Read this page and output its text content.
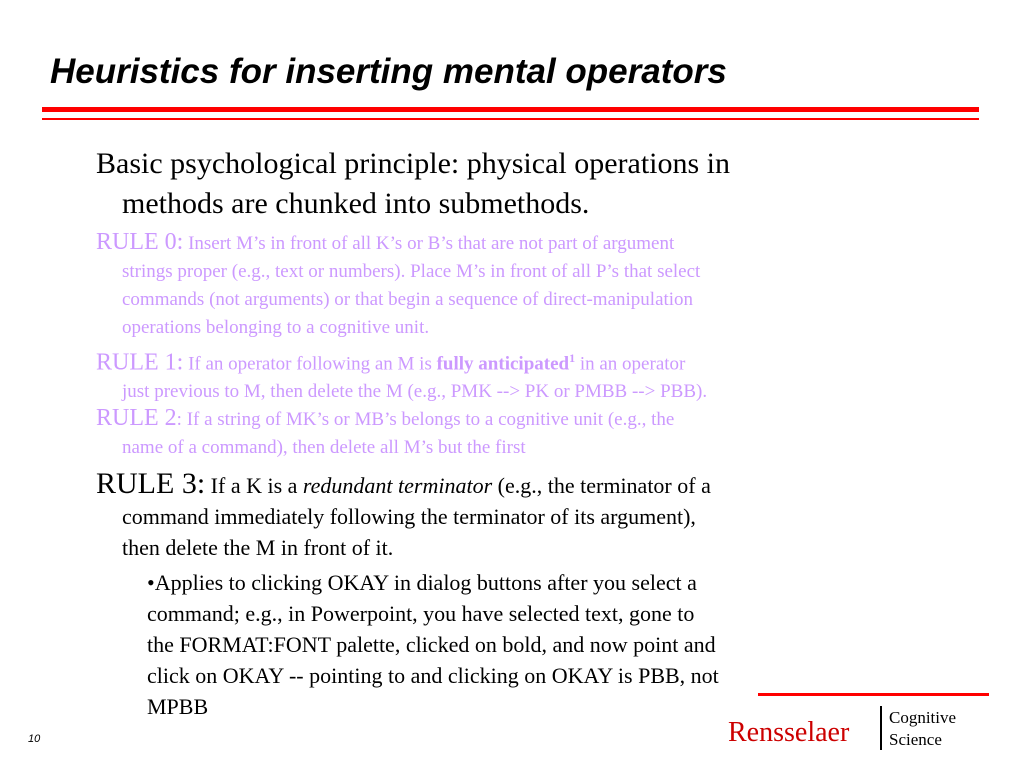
Heuristics for inserting mental operators

Basic psychological principle: physical operations in
methods are chunked into submethods.

RULE 0: Insert M’s in front of all K’s or B’s that are not part of argument
strings proper (e.g., text or numbers). Place M’s in front of all P’s that select
commands (not arguments) or that begin a sequence of direct-manipulation
operations belonging to a cognitive unit.

RULE 1: If an operator following an M is fully anticipated$^1$ in an operator
just previous to M, then delete the M (e.g., PMK --> PK or PMBB --> PBB).

RULE 2: If a string of MK’s or MB’s belongs to a cognitive unit (e.g., the
name of a command), then delete all M’s but the first

RULE 3: If a K is a redundant terminator (e.g., the terminator of a
command immediately following the terminator of its argument),
then delete the M in front of it.

•Applies to clicking OKAY in dialog buttons after you select a
command; e.g., in Powerpoint, you have selected text, gone to
the FORMAT:FONT palette, clicked on bold, and now point and
click on OKAY -- pointing to and clicking on OKAY is PBB, not
MPBB

10	Rensselaer Cognitive
Science
